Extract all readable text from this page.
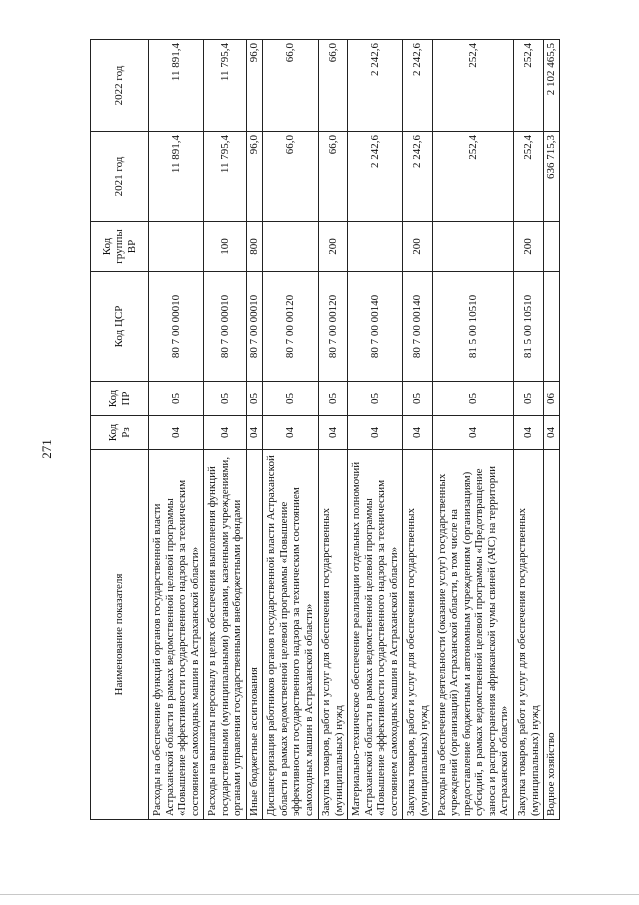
271
Наименование показателя	Код Рз	Код ПР	Код ЦСР	Код группы ВР	2021 год	2022 год
Расходы на обеспечение функций органов государственной власти Астраханской области в рамках ведомственной целевой программы «Повышение эффективности государственного надзора за техническим состоянием самоходных машин в Астраханской области»	04	05	80 7 00 00010		11 891,4	11 891,4
Расходы на выплаты персоналу в целях обеспечения выполнения функций государственными (муниципальными) органами, казенными учреждениями, органами управления государственными внебюджетными фондами	04	05	80 7 00 00010	100	11 795,4	11 795,4
Иные бюджетные ассигнования	04	05	80 7 00 00010	800	96,0	96,0
Диспансеризация работников органов государственной власти Астраханской области в рамках ведомственной целевой программы «Повышение эффективности государственного надзора за техническим состоянием самоходных машин в Астраханской области»	04	05	80 7 00 00120		66,0	66,0
Закупка товаров, работ и услуг для обеспечения государственных (муниципальных) нужд	04	05	80 7 00 00120	200	66,0	66,0
Материально-техническое обеспечение реализации отдельных полномочий Астраханской области в рамках ведомственной целевой программы «Повышение эффективности государственного надзора за техническим состоянием самоходных машин в Астраханской области»	04	05	80 7 00 00140		2 242,6	2 242,6
Закупка товаров, работ и услуг для обеспечения государственных (муниципальных) нужд	04	05	80 7 00 00140	200	2 242,6	2 242,6
Расходы на обеспечение деятельности (оказание услуг) государственных учреждений (организаций) Астраханской области, в том числе на предоставление бюджетным и автономным учреждениям (организациям) субсидий, в рамках ведомственной целевой программы «Предотвращение заноса и распространения африканской чумы свиней (АЧС) на территории Астраханской области»	04	05	81 5 00 10510		252,4	252,4
Закупка товаров, работ и услуг для обеспечения государственных (муниципальных) нужд	04	05	81 5 00 10510	200	252,4	252,4
Водное хозяйство	04	06			636 715,3	2 102 465,5
